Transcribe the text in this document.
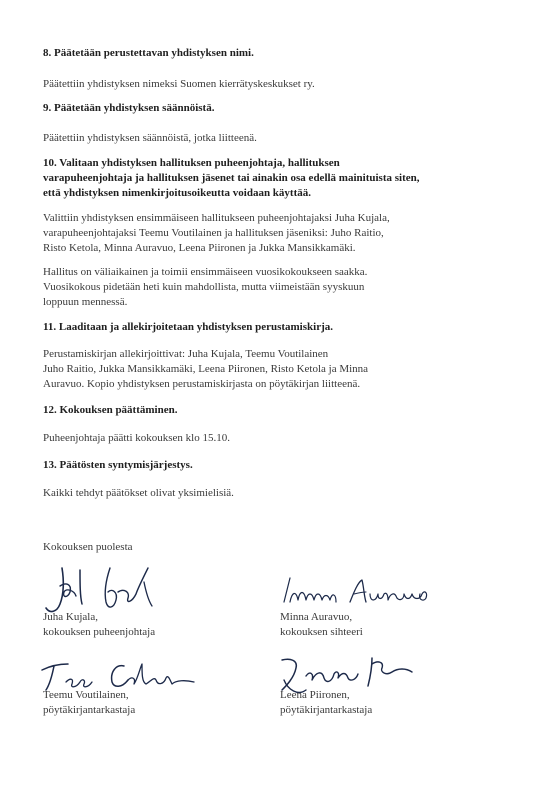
8. Päätetään perustettavan yhdistyksen nimi.

Päätettiin yhdistyksen nimeksi Suomen kierrätyskeskukset ry.

9. Päätetään yhdistyksen säännöistä.

Päätettiin yhdistyksen säännöistä, jotka liitteenä.

10. Valitaan yhdistyksen hallituksen puheenjohtaja, hallituksen
varapuheenjohtaja ja hallituksen jäsenet tai ainakin osa edellä mainituista siten,
että yhdistyksen nimenkirjoitusoikeutta voidaan käyttää.

Valittiin yhdistyksen ensimmäiseen hallitukseen puheenjohtajaksi Juha Kujala,
varapuheenjohtajaksi Teemu Voutilainen ja hallituksen jäseniksi: Juho Raitio,
Risto Ketola, Minna Auravuo, Leena Piironen ja Jukka Mansikkamäki.

Hallitus on väliaikainen ja toimii ensimmäiseen vuosikokoukseen saakka.
Vuosikokous pidetään heti kuin mahdollista, mutta viimeistään syyskuun
loppuun mennessä.

11. Laaditaan ja allekirjoitetaan yhdistyksen perustamiskirja.

Perustamiskirjan allekirjoittivat: Juha Kujala, Teemu Voutilainen
Juho Raitio, Jukka Mansikkamäki, Leena Piironen, Risto Ketola ja Minna
Auravuo. Kopio yhdistyksen perustamiskirjasta on pöytäkirjan liitteenä.

12. Kokouksen päättäminen.

Puheenjohtaja päätti kokouksen klo 15.10.

13. Päätösten syntymisjärjestys.

Kaikki tehdyt päätökset olivat yksimielisiä.

Kokouksen puolesta

Juha Kujala,
kokouksen puheenjohtaja

Minna Auravuo,
kokouksen sihteeri

Teemu Voutilainen,
pöytäkirjantarkastaja

Leena Piironen,
pöytäkirjantarkastaja
